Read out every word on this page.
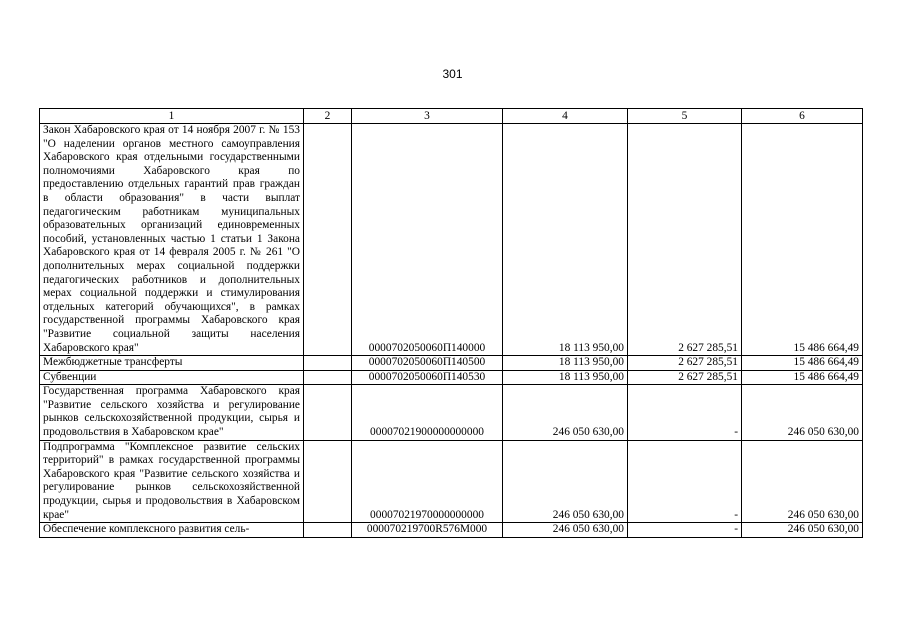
301
1	2	3	4	5	6
Закон Хабаровского края от 14 ноября 2007 г. № 153 "О наделении органов местного самоуправления Хабаровского края отдельными государственными полномочиями Хабаровского края по предоставлению отдельных гарантий прав граждан в области образования" в части выплат педагогическим работникам муниципальных образовательных организаций единовременных пособий, установленных частью 1 статьи 1 Закона Хабаровского края от 14 февраля 2005 г. № 261 "О дополнительных мерах социальной поддержки педагогических работников и дополнительных мерах социальной поддержки и стимулирования отдельных категорий обучающихся", в рамках государственной программы Хабаровского края "Развитие социальной защиты населения Хабаровского края"		0000702050060П140000	18 113 950,00	2 627 285,51	15 486 664,49
Межбюджетные трансферты		0000702050060П140500	18 113 950,00	2 627 285,51	15 486 664,49
Субвенции		0000702050060П140530	18 113 950,00	2 627 285,51	15 486 664,49
Государственная программа Хабаровского края "Развитие сельского хозяйства и регулирование рынков сельскохозяйственной продукции, сырья и продовольствия в Хабаровском крае"		00007021900000000000	246 050 630,00	-	246 050 630,00
Подпрограмма "Комплексное развитие сельских территорий" в рамках государственной программы Хабаровского края "Развитие сельского хозяйства и регулирование рынков сельскохозяйственной продукции, сырья и продовольствия в Хабаровском крае"		00007021970000000000	246 050 630,00	-	246 050 630,00
Обеспечение комплексного развития сель-		000070219700R576M000	246 050 630,00	-	246 050 630,00
